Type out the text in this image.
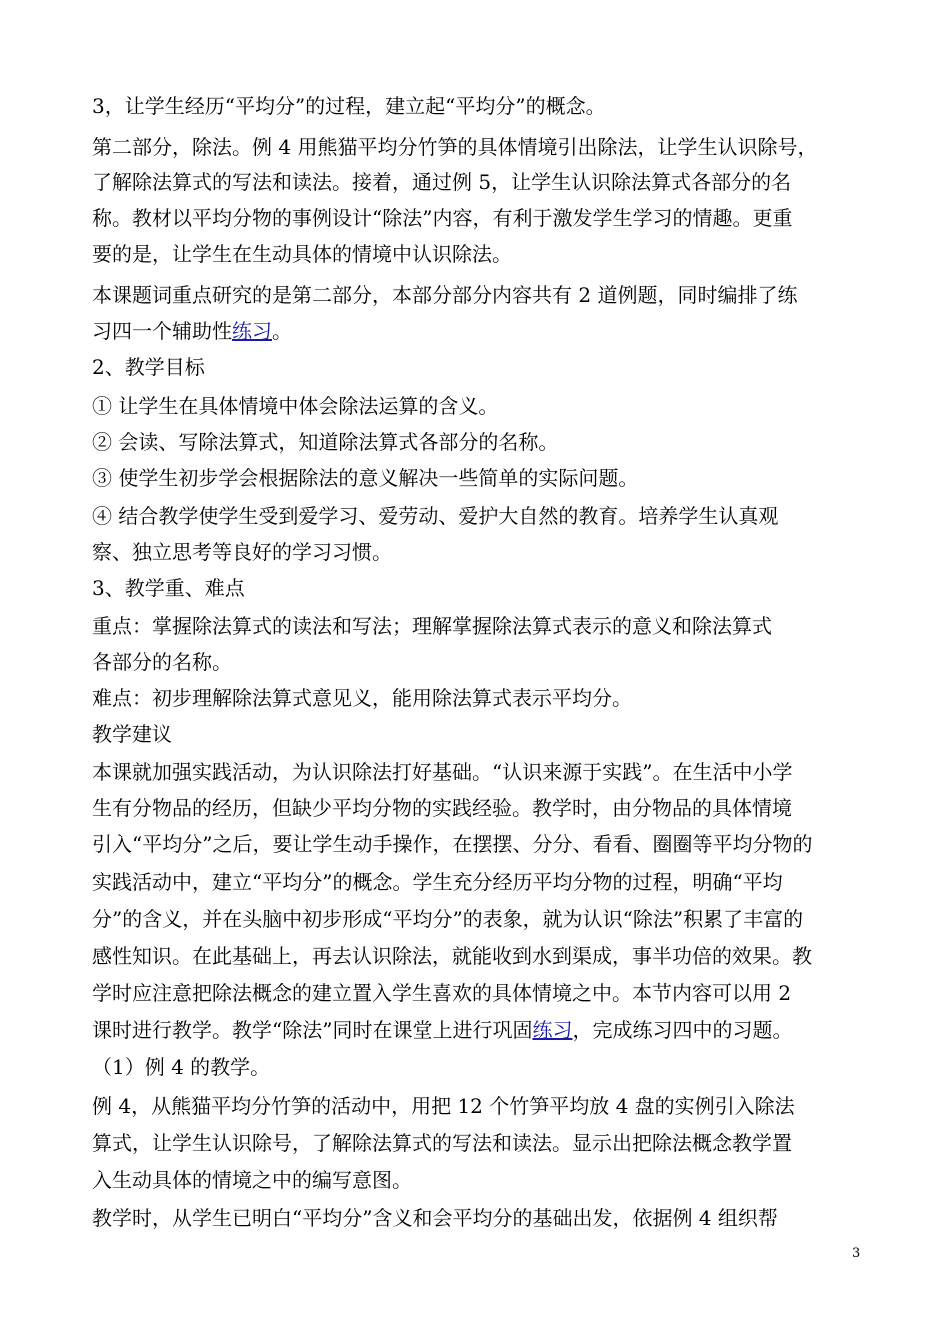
3，让学生经历“平均分”的过程，建立起“平均分”的概念。
第二部分，除法。例 4 用熊猫平均分竹笋的具体情境引出除法，让学生认识除号，
了解除法算式的写法和读法。接着，通过例 5，让学生认识除法算式各部分的名
称。教材以平均分物的事例设计“除法”内容，有利于激发学生学习的情趣。更重
要的是，让学生在生动具体的情境中认识除法。
本课题词重点研究的是第二部分，本部分部分内容共有 2 道例题，同时编排了练
习四一个辅助性练习。
2、教学目标
① 让学生在具体情境中体会除法运算的含义。
② 会读、写除法算式，知道除法算式各部分的名称。
③ 使学生初步学会根据除法的意义解决一些简单的实际问题。
④ 结合教学使学生受到爱学习、爱劳动、爱护大自然的教育。培养学生认真观
察、独立思考等良好的学习习惯。
3、教学重、难点
重点：掌握除法算式的读法和写法；理解掌握除法算式表示的意义和除法算式
各部分的名称。
难点：初步理解除法算式意见义，能用除法算式表示平均分。
教学建议
本课就加强实践活动，为认识除法打好基础。“认识来源于实践”。在生活中小学
生有分物品的经历，但缺少平均分物的实践经验。教学时，由分物品的具体情境
引入“平均分”之后，要让学生动手操作，在摆摆、分分、看看、圈圈等平均分物的
实践活动中，建立“平均分”的概念。学生充分经历平均分物的过程，明确“平均
分”的含义，并在头脑中初步形成“平均分”的表象，就为认识“除法”积累了丰富的
感性知识。在此基础上，再去认识除法，就能收到水到渠成，事半功倍的效果。教
学时应注意把除法概念的建立置入学生喜欢的具体情境之中。本节内容可以用 2
课时进行教学。教学“除法”同时在课堂上进行巩固练习，完成练习四中的习题。
（1）例 4 的教学。
例 4，从熊猫平均分竹笋的活动中，用把 12 个竹笋平均放 4 盘的实例引入除法
算式，让学生认识除号，了解除法算式的写法和读法。显示出把除法概念教学置
入生动具体的情境之中的编写意图。
教学时，从学生已明白“平均分”含义和会平均分的基础出发，依据例 4 组织帮
3
